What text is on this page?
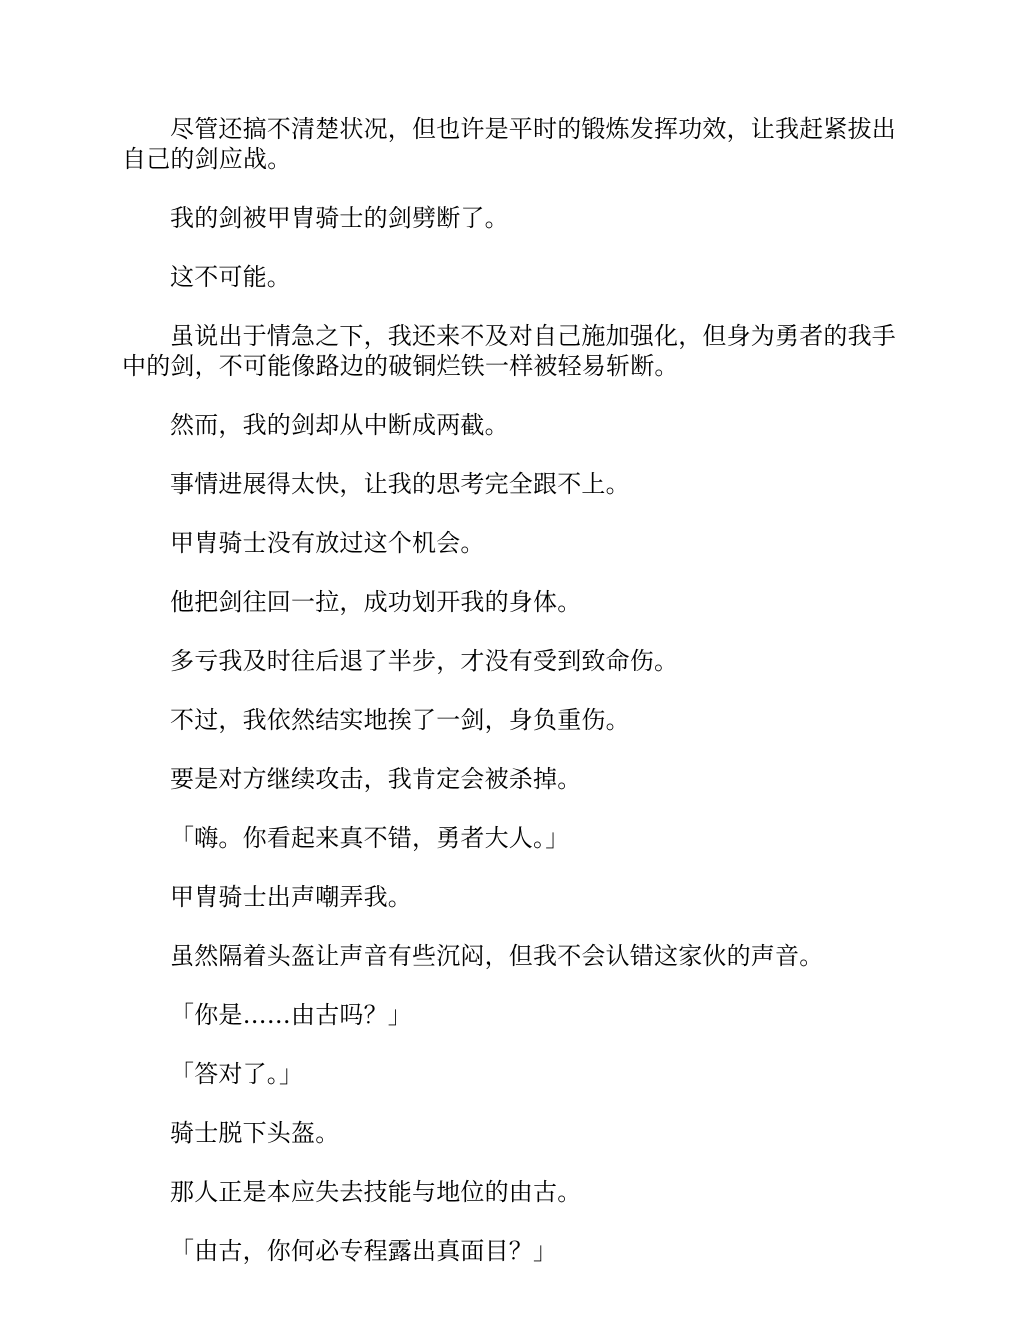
尽管还搞不清楚状况，但也许是平时的锻炼发挥功效，让我赶紧拔出自己的剑应战。

我的剑被甲胄骑士的剑劈断了。

这不可能。

虽说出于情急之下，我还来不及对自己施加强化，但身为勇者的我手中的剑，不可能像路边的破铜烂铁一样被轻易斩断。

然而，我的剑却从中断成两截。

事情进展得太快，让我的思考完全跟不上。

甲胄骑士没有放过这个机会。

他把剑往回一拉，成功划开我的身体。

多亏我及时往后退了半步，才没有受到致命伤。

不过，我依然结实地挨了一剑，身负重伤。

要是对方继续攻击，我肯定会被杀掉。

「嗨。你看起来真不错，勇者大人。」

甲胄骑士出声嘲弄我。

虽然隔着头盔让声音有些沉闷，但我不会认错这家伙的声音。

「你是……由古吗？」

「答对了。」

骑士脱下头盔。

那人正是本应失去技能与地位的由古。

「由古，你何必专程露出真面目？」
